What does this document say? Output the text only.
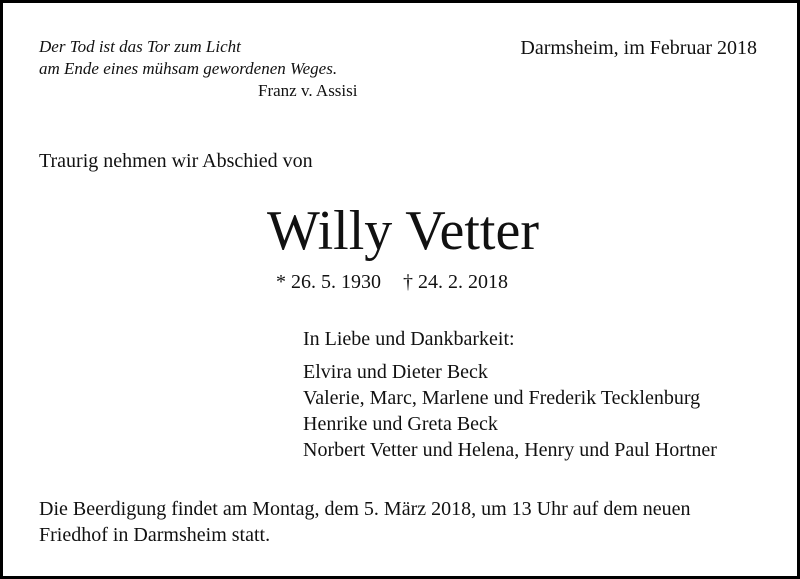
Der Tod ist das Tor zum Licht
am Ende eines mühsam gewordenen Weges.
Franz v. Assisi
Darmsheim, im Februar 2018
Traurig nehmen wir Abschied von
Willy Vetter
* 26. 5. 1930 † 24. 2. 2018
In Liebe und Dankbarkeit:
Elvira und Dieter Beck
Valerie, Marc, Marlene und Frederik Tecklenburg
Henrike und Greta Beck
Norbert Vetter und Helena, Henry und Paul Hortner
Die Beerdigung findet am Montag, dem 5. März 2018, um 13 Uhr auf dem neuen
Friedhof in Darmsheim statt.
